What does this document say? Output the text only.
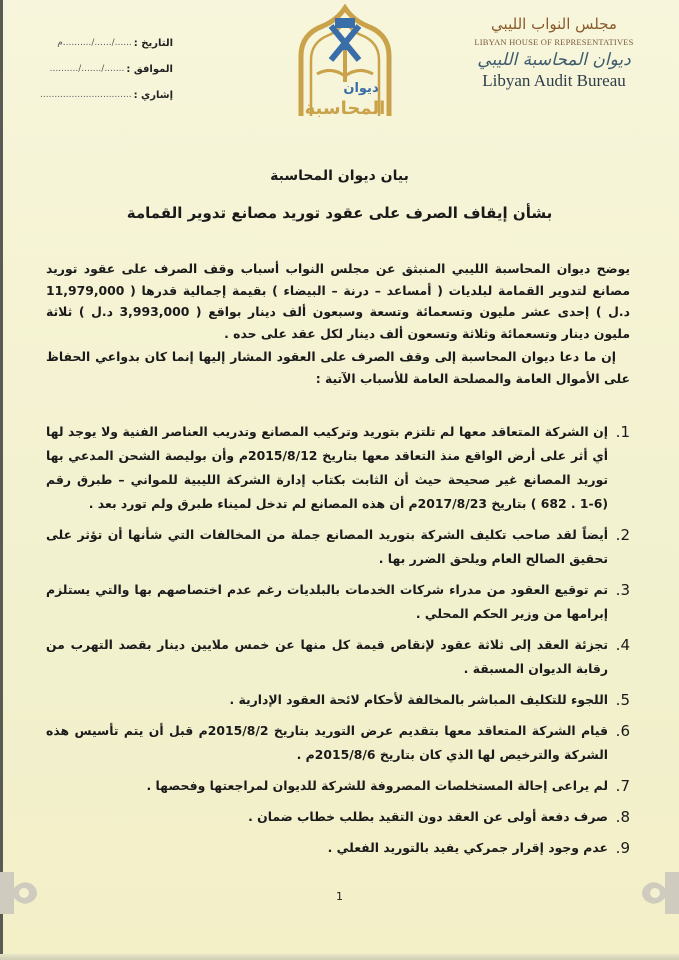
التاريخ :
....../....../..........م
الموافق :
......./......./..........
إشاري :
................................	ديوان
المحاسبة
مجلس النواب الليبي
LIBYAN HOUSE OF REPRESENTATIVES
ديوان المحاسبة الليبي
Libyan Audit Bureau
بيان ديوان المحاسبة
بشأن إيقاف الصرف على عقود توريد مصانع تدوير القمامة

يوضح ديوان المحاسبة الليبي المنبثق عن مجلس النواب أسباب وقف الصرف على عقود توريد مصانع لتدوير القمامة لبلديات ( أمساعد – درنة – البيضاء ) بقيمة إجمالية قدرها ( 11,979,000 د.ل ) إحدى عشر مليون وتسعمائة وتسعة وسبعون ألف دينار بواقع ( 3,993,000 د.ل ) ثلاثة مليون دينار وتسعمائة وثلاثة وتسعون ألف دينار لكل عقد على حده .

إن ما دعا ديوان المحاسبة إلى وقف الصرف على العقود المشار إليها إنما كان بدواعي الحفاظ على الأموال العامة والمصلحة العامة للأسباب الآتية :

1.
إن الشركة المتعاقد معها لم تلتزم بتوريد وتركيب المصانع وتدريب العناصر الفنية ولا يوجد لها أي أثر على أرض الواقع منذ التعاقد معها بتاريخ 2015/8/12م وأن بوليصة الشحن المدعي بها توريد المصانع غير صحيحة حيث أن الثابت بكتاب إدارة الشركة الليبية للمواني – طبرق رقم (6-1 . 682 ) بتاريخ 2017/8/23م أن هذه المصانع لم تدخل لميناء طبرق ولم تورد بعد .
2.
أيضاً لقد صاحب تكليف الشركة بتوريد المصانع جملة من المخالفات التي شأنها أن تؤثر على تحقيق الصالح العام ويلحق الضرر بها .
3.
تم توقيع العقود من مدراء شركات الخدمات بالبلديات رغم عدم اختصاصهم بها والتي يستلزم إبرامها من وزير الحكم المحلي .
4.
تجزئة العقد إلى ثلاثة عقود لإنقاص قيمة كل منها عن خمس ملايين دينار بقصد التهرب من رقابة الديوان المسبقة .
5.
اللجوء للتكليف المباشر بالمخالفة لأحكام لائحة العقود الإدارية .
6.
قيام الشركة المتعاقد معها بتقديم عرض التوريد بتاريخ 2015/8/2م قبل أن يتم تأسيس هذه الشركة والترخيص لها الذي كان بتاريخ 2015/8/6م .
7.
لم يراعى إحالة المستخلصات المصروفة للشركة للديوان لمراجعتها وفحصها .
8.
صرف دفعة أولى عن العقد دون التقيد بطلب خطاب ضمان .
9.
عدم وجود إقرار جمركي يفيد بالتوريد الفعلي .
1
